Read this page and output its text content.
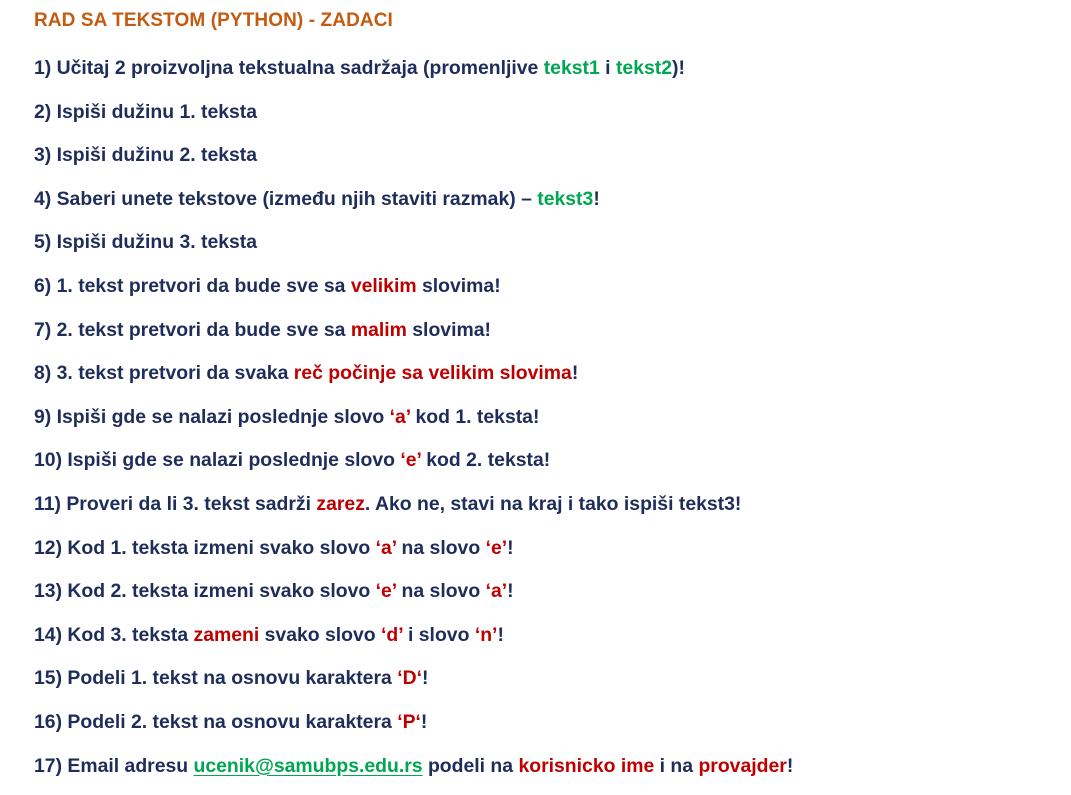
RAD SA TEKSTOM (PYTHON) - ZADACI
1) Učitaj 2 proizvoljna tekstualna sadržaja (promenljive tekst1 i tekst2)!
2) Ispiši dužinu 1. teksta
3) Ispiši dužinu 2. teksta
4) Saberi unete tekstove (između njih staviti razmak) – tekst3!
5) Ispiši dužinu 3. teksta
6) 1. tekst pretvori da bude sve sa velikim slovima!
7) 2. tekst pretvori da bude sve sa malim slovima!
8) 3. tekst pretvori da svaka reč počinje sa velikim slovima!
9) Ispiši gde se nalazi poslednje slovo ‘a’ kod 1. teksta!
10) Ispiši gde se nalazi poslednje slovo ‘e’ kod 2. teksta!
11) Proveri da li 3. tekst sadrži zarez. Ako ne, stavi na kraj i tako ispiši tekst3!
12) Kod 1. teksta izmeni svako slovo ‘a’ na slovo ‘e’!
13) Kod 2. teksta izmeni svako slovo ‘e’ na slovo ‘a’!
14) Kod 3. teksta zameni svako slovo ‘d’ i slovo ‘n’!
15) Podeli 1. tekst na osnovu karaktera ‘D‘!
16) Podeli 2. tekst na osnovu karaktera ‘P‘!
17) Email adresu ucenik@samubps.edu.rs podeli na korisnicko ime i na provajder!
